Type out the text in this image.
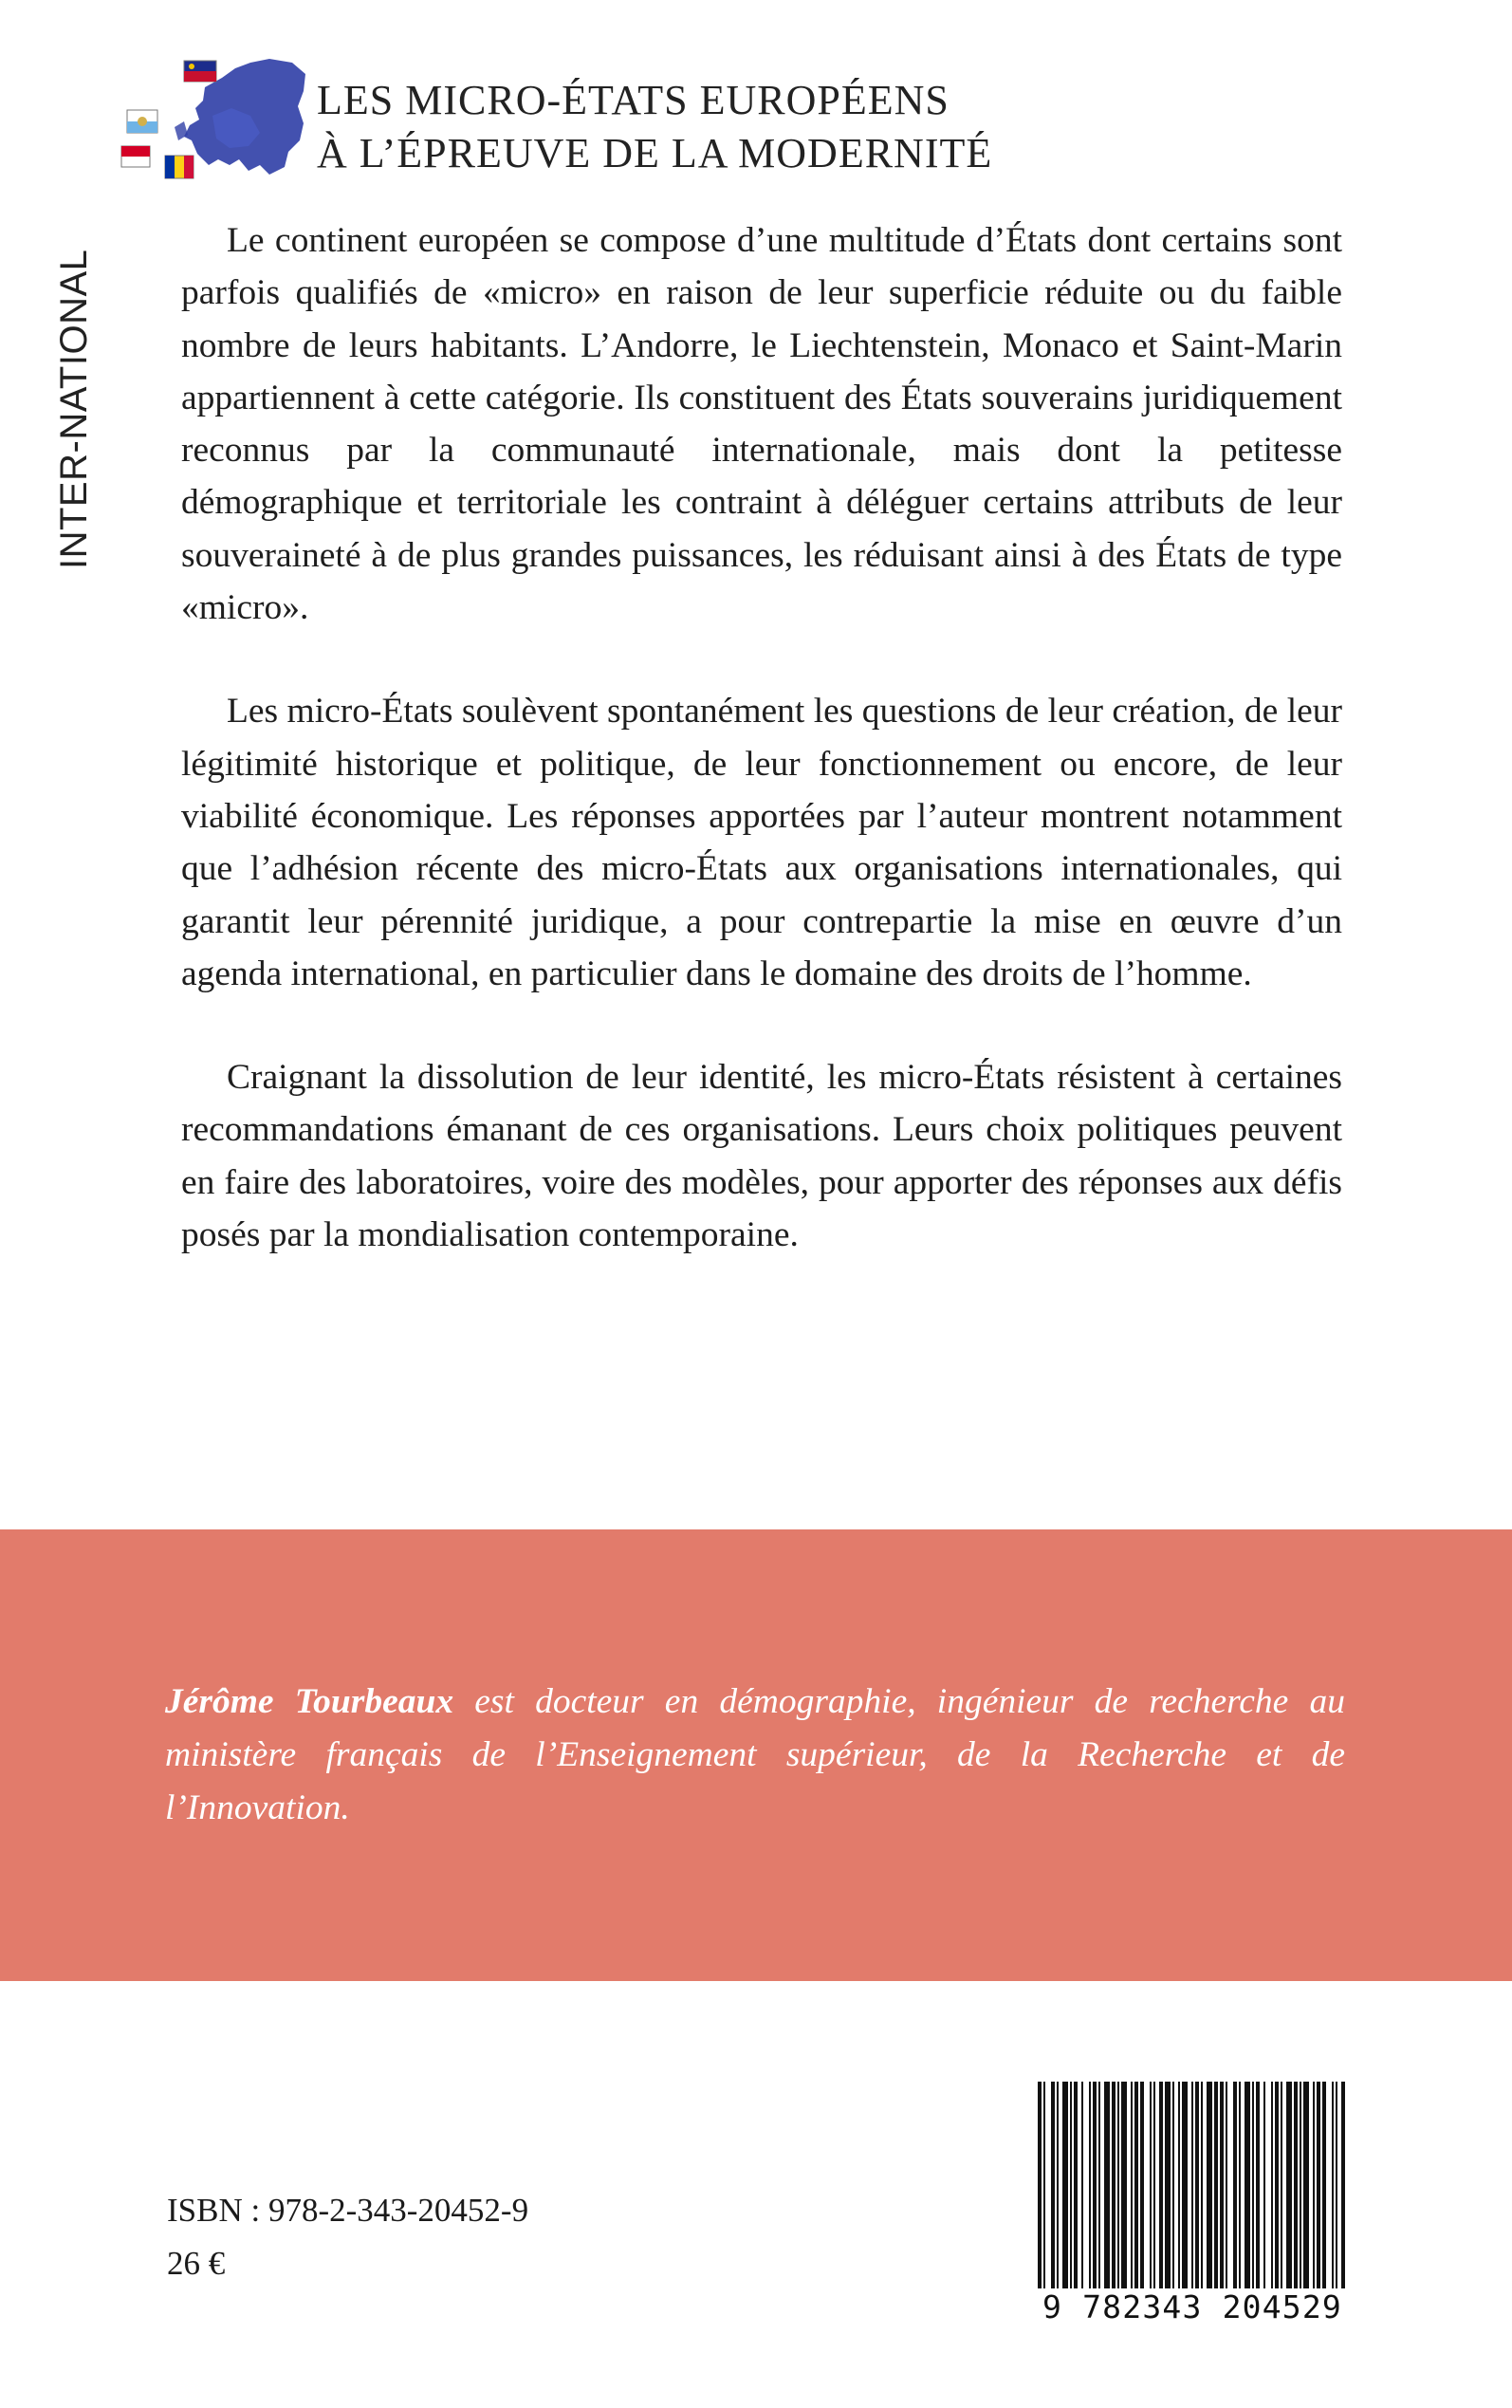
LES MICRO-ÉTATS EUROPÉENS
À L’ÉPREUVE DE LA MODERNITÉ
INTER-NATIONAL

Le continent européen se compose d’une multitude d’États dont certains sont parfois qualifiés de «micro» en raison de leur superficie réduite ou du faible nombre de leurs habitants. L’Andorre, le Liechtenstein, Monaco et Saint-Marin appartiennent à cette catégorie. Ils constituent des États souverains juridiquement reconnus par la communauté internationale, mais dont la petitesse démographique et territoriale les contraint à déléguer certains attributs de leur souveraineté à de plus grandes puissances, les réduisant ainsi à des États de type «micro».

Les micro-États soulèvent spontanément les questions de leur création, de leur légitimité historique et politique, de leur fonctionnement ou encore, de leur viabilité économique. Les réponses apportées par l’auteur montrent notamment que l’adhésion récente des micro-États aux organisations internationales, qui garantit leur pérennité juridique, a pour contrepartie la mise en œuvre d’un agenda international, en particulier dans le domaine des droits de l’homme.

Craignant la dissolution de leur identité, les micro-États résistent à certaines recommandations émanant de ces organisations. Leurs choix politiques peuvent en faire des laboratoires, voire des modèles, pour apporter des réponses aux défis posés par la mondialisation contemporaine.

Jérôme Tourbeaux est docteur en démographie, ingénieur de recherche au ministère français de l’Enseignement supérieur, de la Recherche et de l’Innovation.
ISBN : 978-2-343-20452-9
26 €
9 782343 204529
